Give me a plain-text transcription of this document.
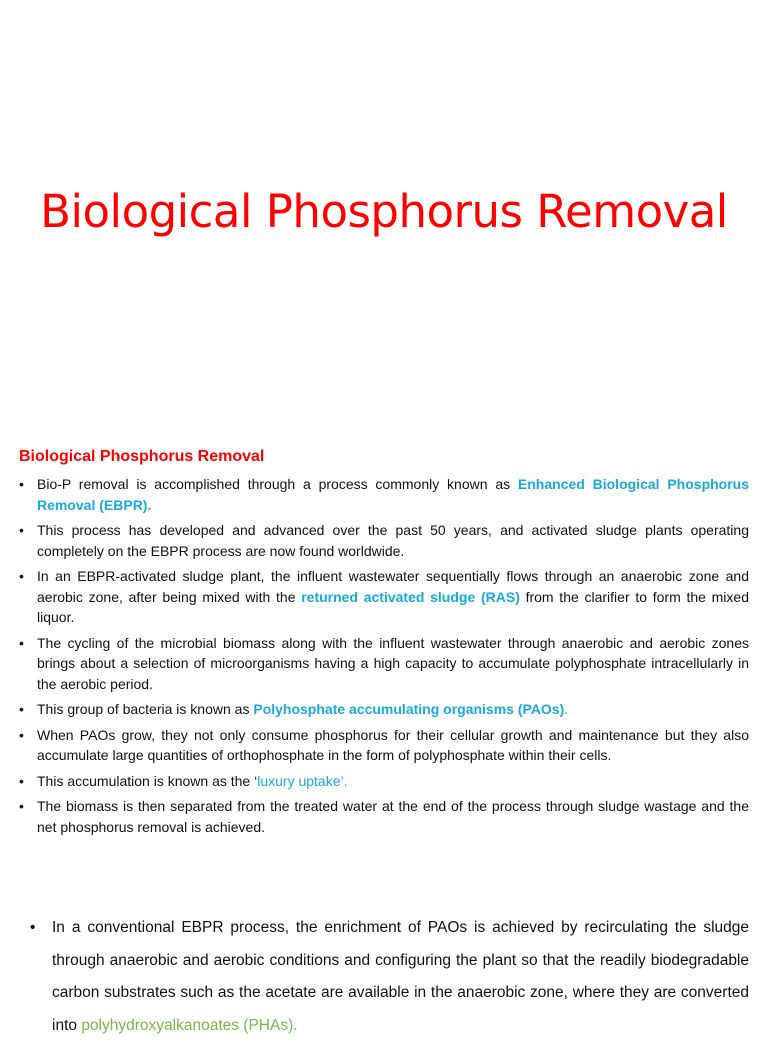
Biological Phosphorus Removal
Biological Phosphorus Removal
• Bio-P removal is accomplished through a process commonly known as Enhanced Biological Phosphorus Removal (EBPR).
• This process has developed and advanced over the past 50 years, and activated sludge plants operating completely on the EBPR process are now found worldwide.
• In an EBPR-activated sludge plant, the influent wastewater sequentially flows through an anaerobic zone and aerobic zone, after being mixed with the returned activated sludge (RAS) from the clarifier to form the mixed liquor.
• The cycling of the microbial biomass along with the influent wastewater through anaerobic and aerobic zones brings about a selection of microorganisms having a high capacity to accumulate polyphosphate intracellularly in the aerobic period.
• This group of bacteria is known as Polyhosphate accumulating organisms (PAOs).
• When PAOs grow, they not only consume phosphorus for their cellular growth and maintenance but they also accumulate large quantities of orthophosphate in the form of polyphosphate within their cells.
• This accumulation is known as the ‘luxury uptake’.
• The biomass is then separated from the treated water at the end of the process through sludge wastage and the net phosphorus removal is achieved.
• In a conventional EBPR process, the enrichment of PAOs is achieved by recirculating the sludge through anaerobic and aerobic conditions and configuring the plant so that the readily biodegradable carbon substrates such as the acetate are available in the anaerobic zone, where they are converted into polyhydroxyalkanoates (PHAs).
